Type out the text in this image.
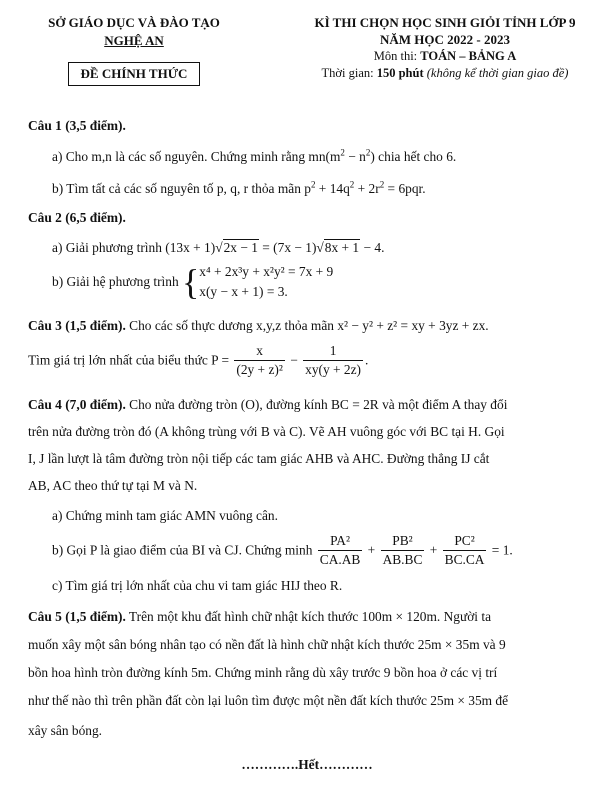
SỞ GIÁO DỤC VÀ ĐÀO TẠO
NGHỆ AN
ĐỀ CHÍNH THỨC
KÌ THI CHỌN HỌC SINH GIỎI TỈNH LỚP 9
NĂM HỌC 2022 - 2023
Môn thi: TOÁN – BẢNG A
Thời gian: 150 phút (không kể thời gian giao đề)
Câu 1 (3,5 điểm).
a) Cho m,n là các số nguyên. Chứng minh rằng $mn(m^2 - n^2)$ chia hết cho 6.
b) Tìm tất cả các số nguyên tố p, q, r thỏa mãn $p^2 + 14q^2 + 2r^2 = 6pqr$.
Câu 2 (6,5 điểm).
a) Giải phương trình (13x + 1)√2x − 1 = (7x − 1)√8x + 1 − 4.
b) Giải hệ phương trình {x⁴ + 2x³y + x²y² = 7x + 9
x(y − x + 1) = 3.
Câu 3 (1,5 điểm). Cho các số thực dương x,y,z thỏa mãn x² − y² + z² = xy + 3yz + zx.
Tìm giá trị lớn nhất của biểu thức $P = \frac{x}{\text{(2y + z)²}} - \frac{1}{xy(y + 2z)}$ .
Câu 4 (7,0 điểm). Cho nửa đường tròn (O), đường kính BC = 2R và một điểm A thay đổi
trên nửa đường tròn đó (A không trùng với B và C). Vẽ AH vuông góc với BC tại H. Gọi
I, J lần lượt là tâm đường tròn nội tiếp các tam giác AHB và AHC. Đường thẳng IJ cắt
AB, AC theo thứ tự tại M và N.
a) Chứng minh tam giác AMN vuông cân.
b) Gọi P là giao điểm của BI và CJ. Chứng minh $\frac{\text{PA²}}{CA.AB} + \frac{\text{PB²}}{AB.BC} + \frac{\text{PC²}}{BC.CA} = 1$.
c) Tìm giá trị lớn nhất của chu vi tam giác HIJ theo R.
Câu 5 (1,5 điểm). Trên một khu đất hình chữ nhật kích thước 100m × 120m. Người ta
muốn xây một sân bóng nhân tạo có nền đất là hình chữ nhật kích thước 25m × 35m và 9
bồn hoa hình tròn đường kính 5m. Chứng minh rằng dù xây trước 9 bồn hoa ở các vị trí
như thế nào thì trên phần đất còn lại luôn tìm được một nền đất kích thước 25m × 35m để
xây sân bóng.
………….Hết…………
